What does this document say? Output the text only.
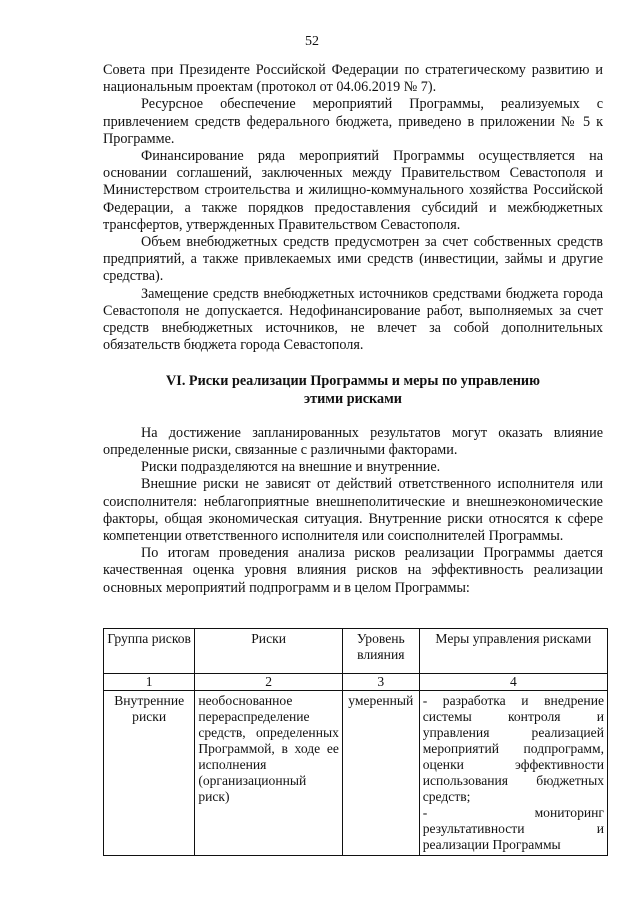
52

Совета при Президенте Российской Федерации по стратегическому развитию и национальным проектам (протокол от 04.06.2019 № 7).

Ресурсное обеспечение мероприятий Программы, реализуемых с привлечением средств федерального бюджета, приведено в приложении № 5 к Программе.

Финансирование ряда мероприятий Программы осуществляется на основании соглашений, заключенных между Правительством Севастополя и Министерством строительства и жилищно-коммунального хозяйства Российской Федерации, а также порядков предоставления субсидий и межбюджетных трансфертов, утвержденных Правительством Севастополя.

Объем внебюджетных средств предусмотрен за счет собственных средств предприятий, а также привлекаемых ими средств (инвестиции, займы и другие средства).

Замещение средств внебюджетных источников средствами бюджета города Севастополя не допускается. Недофинансирование работ, выполняемых за счет средств внебюджетных источников, не влечет за собой дополнительных обязательств бюджета города Севастополя.

VI. Риски реализации Программы и меры по управлению
этими рисками

На достижение запланированных результатов могут оказать влияние определенные риски, связанные с различными факторами.

Риски подразделяются на внешние и внутренние.

Внешние риски не зависят от действий ответственного исполнителя или соисполнителя: неблагоприятные внешнеполитические и внешнеэкономические факторы, общая экономическая ситуация. Внутренние риски относятся к сфере компетенции ответственного исполнителя или соисполнителей Программы.

По итогам проведения анализа рисков реализации Программы дается качественная оценка уровня влияния рисков на эффективность реализации основных мероприятий подпрограмм и в целом Программы:

Группа рисков	Риски	Уровень влияния	Меры управления рисками
1	2	3	4
Внутренние риски	необоснованное перераспределение средств, определенных Программой, в ходе ее исполнения (организационный риск)	умеренный	- разработка и внедрение системы контроля и управления реализацией мероприятий подпрограмм, оценки эффективности использования бюджетных средств;
- мониторинг результативности и реализации Программы
